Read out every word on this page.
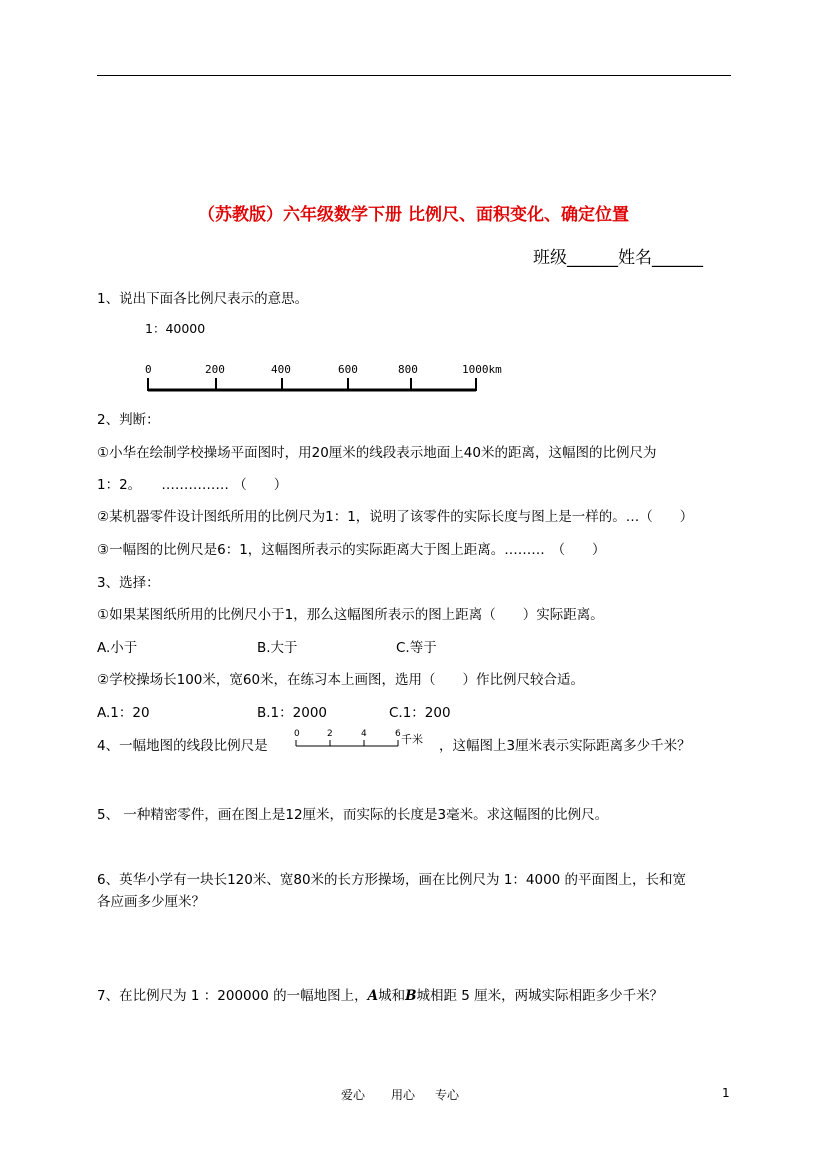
（苏教版）六年级数学下册 比例尺、面积变化、确定位置
班级______姓名______
1、说出下面各比例尺表示的意思。
1：40000
0	200	400	600	800	1000km
2、判断：
①小华在绘制学校操场平面图时，用20厘米的线段表示地面上40米的距离，这幅图的比例尺为
1：2。　　…………… （　　）
②某机器零件设计图纸所用的比例尺为1：1，说明了该零件的实际长度与图上是一样的。…（　　）
③一幅图的比例尺是6：1，这幅图所表示的实际距离大于图上距离。………　（　　）
3、选择：
①如果某图纸所用的比例尺小于1，那么这幅图所表示的图上距离（　　）实际距离。
A.小于	B.大于	C.等于
②学校操场长100米，宽60米，在练习本上画图，选用（　　）作比例尺较合适。
A.1：20	B.1：2000	C.1：200
4、一幅地图的线段比例尺是
0	2	4	6 千米 ，这幅图上3厘米表示实际距离多少千米？
5、 一种精密零件，画在图上是12厘米，而实际的长度是3毫米。求这幅图的比例尺。
6、英华小学有一块长120米、宽80米的长方形操场，画在比例尺为 1：4000 的平面图上，长和宽
各应画多少厘米？
7、在比例尺为 1 ：200000 的一幅地图上，A城和B城相距 5 厘米，两城实际相距多少千米？
爱心 用心 专心	1
